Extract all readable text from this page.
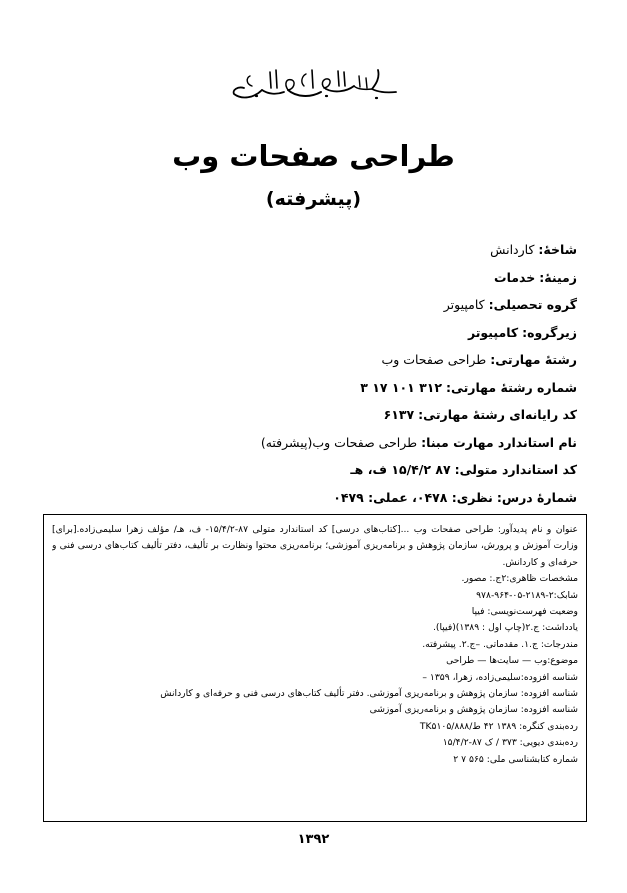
طراحی صفحات وب
(پیشرفته)
شاخهٔ: کاردانش
زمینهٔ: خدمات
گروه تحصیلی: کامپیوتر
زیرگروه: کامپیوتر
رشتهٔ مهارتی: طراحی صفحات وب
شماره رشتهٔ مهارتی: ۳۱۲ ۱۰۱ ۱۷ ۳
کد رایانه‌ای رشتهٔ مهارتی: ۶۱۳۷
نام استاندارد مهارت مبنا: طراحی صفحات وب(پیشرفته)
کد استاندارد متولی: ۸۷ ۱۵/۴/۲ ف، هـ
شمارهٔ درس: نظری: ۰۴۷۸، عملی: ۰۴۷۹
عنوان و نام پدیدآور: طراحی صفحات وب ...[کتاب‌های درسی] کد استاندارد متولی ۸۷-۱۵/۴/۲- ف، هـ/ مؤلف زهرا سلیمی‌زاده.[برای] وزارت آموزش و پرورش، سازمان پژوهش و برنامه‌ریزی آموزشی؛ برنامه‌ریزی محتوا ونظارت بر تألیف، دفتر تألیف کتاب‌های درسی فنی و حرفه‌ای و کاردانش.
مشخصات ظاهری:۲ج.: مصور.
شابک:۲-۲۱۸۹-۰۵-۹۶۴-۹۷۸
وضعیت فهرست‌نویسی: فیپا
یادداشت: ج.۲(چاپ اول : ۱۳۸۹)(فیپا).
مندرجات: ج.۱. مقدماتی. –ج.۲. پیشرفته.
موضوع:وب — سایت‌ها — طراحی
شناسه افزوده:سلیمی‌زاده، زهرا، ۱۳۵۹ –
شناسه افزوده: سازمان پژوهش و برنامه‌ریزی آموزشی. دفتر تألیف کتاب‌های درسی فنی و حرفه‌ای و کاردانش
شناسه افزوده: سازمان پژوهش و برنامه‌ریزی آموزشی
رده‌بندی کنگره: ۱۳۸۹ ۴۲ ط/TK۵۱۰۵/۸۸۸
رده‌بندی دیویی: ۳۷۳ / ک ۸۷-۱۵/۴/۲
شماره کتابشناسی ملی: ۵۶۵ ۷ ۲
۱۳۹۲
